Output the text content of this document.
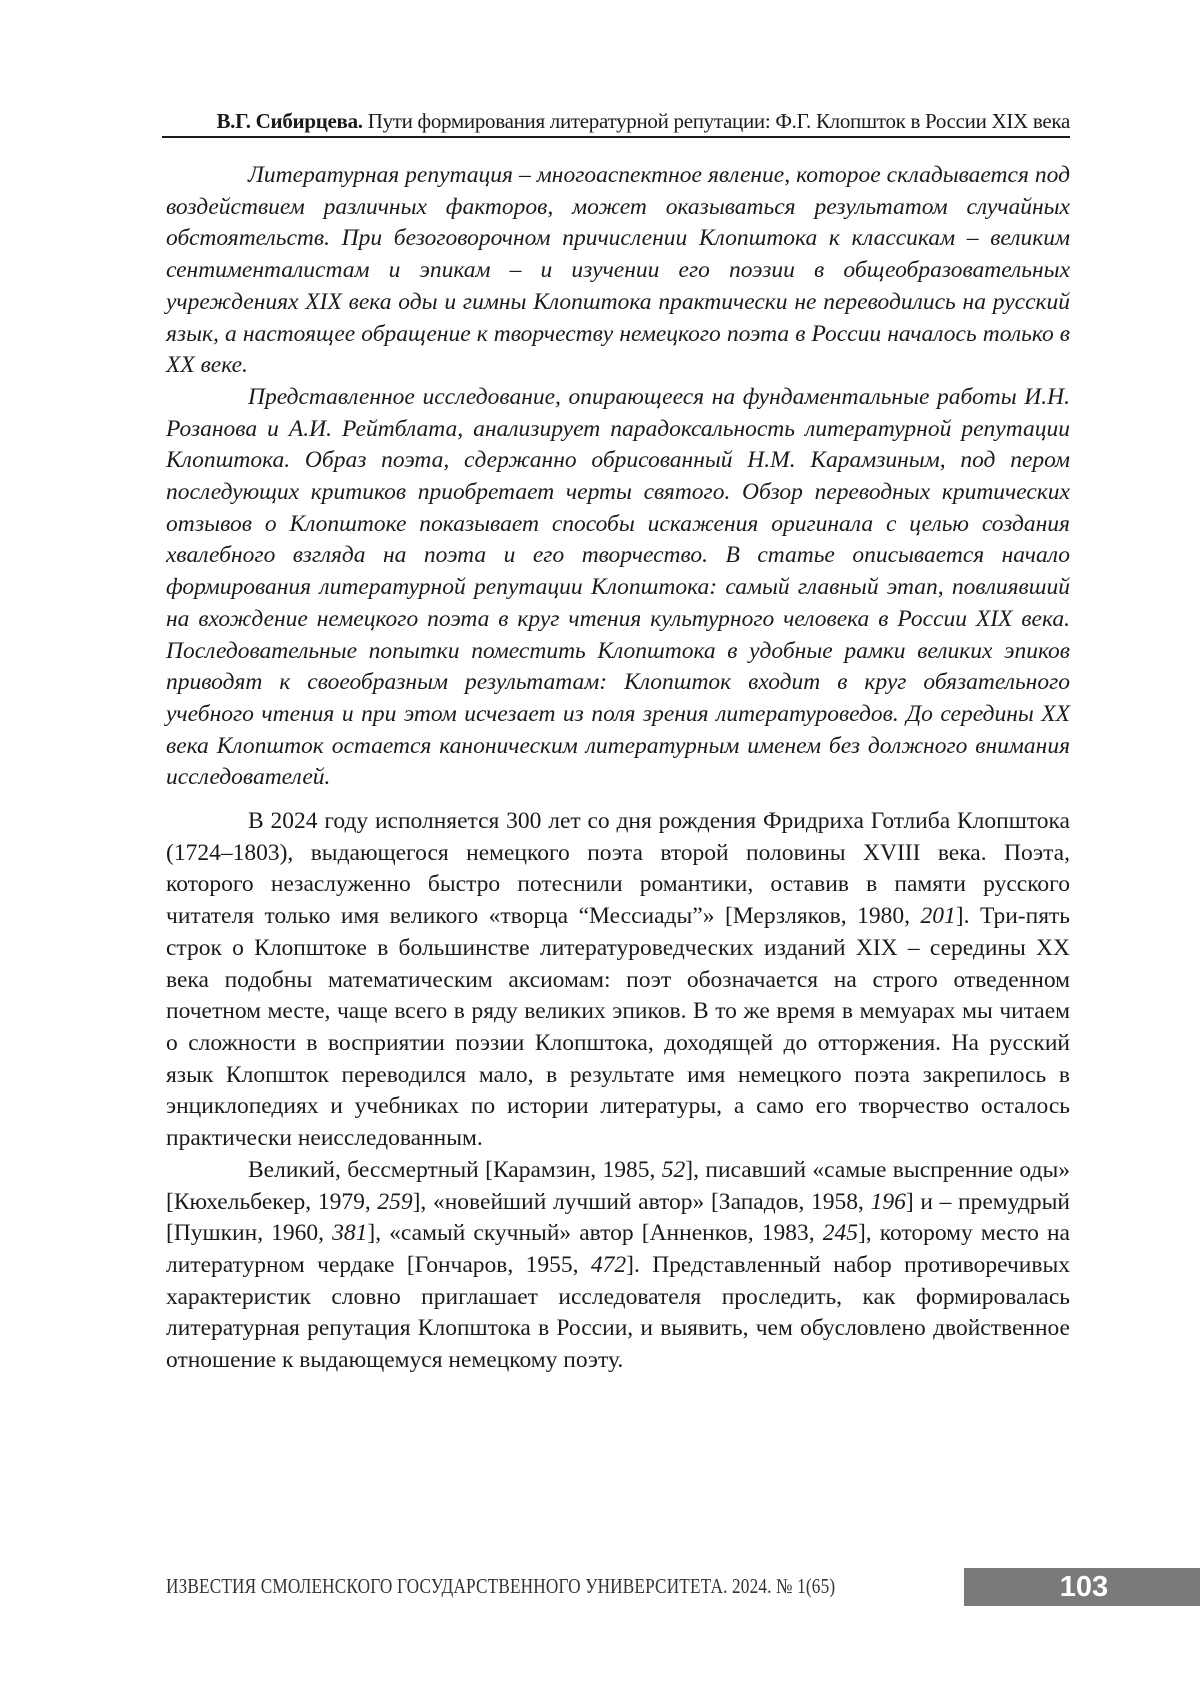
В.Г. Сибирцева. Пути формирования литературной репутации: Ф.Г. Клопшток в России XIX века

Литературная репутация – многоаспектное явление, которое складывается под воздействием различных факторов, может оказываться результатом случайных обстоятельств. При безоговорочном причислении Клопштока к классикам – великим сентименталистам и эпикам – и изучении его поэзии в общеобразовательных учреждениях XIX века оды и гимны Клопштока практически не переводились на русский язык, а настоящее обращение к творчеству немецкого поэта в России началось только в XX веке.

Представленное исследование, опирающееся на фундаментальные работы И.Н. Розанова и А.И. Рейтблата, анализирует парадоксальность литературной репутации Клопштока. Образ поэта, сдержанно обрисованный Н.М. Карамзиным, под пером последующих критиков приобретает черты святого. Обзор переводных критических отзывов о Клопштоке показывает способы искажения оригинала с целью создания хвалебного взгляда на поэта и его творчество. В статье описывается начало формирования литературной репутации Клопштока: самый главный этап, повлиявший на вхождение немецкого поэта в круг чтения культурного человека в России XIX века. Последовательные попытки поместить Клопштока в удобные рамки великих эпиков приводят к своеобразным результатам: Клопшток входит в круг обязательного учебного чтения и при этом исчезает из поля зрения литературоведов. До середины XX века Клопшток остается каноническим литературным именем без должного внимания исследователей.

В 2024 году исполняется 300 лет со дня рождения Фридриха Готлиба Клопштока (1724–1803), выдающегося немецкого поэта второй половины XVIII века. Поэта, которого незаслуженно быстро потеснили романтики, оставив в памяти русского читателя только имя великого «творца “Мессиады”» [Мерзляков, 1980, 201]. Три-пять строк о Клопштоке в большинстве литературоведческих изданий XIX – середины XX века подобны математическим аксиомам: поэт обозначается на строго отведенном почетном месте, чаще всего в ряду великих эпиков. В то же время в мемуарах мы читаем о сложности в восприятии поэзии Клопштока, доходящей до отторжения. На русский язык Клопшток переводился мало, в результате имя немецкого поэта закрепилось в энциклопедиях и учебниках по истории литературы, а само его творчество осталось практически неисследованным.

Великий, бессмертный [Карамзин, 1985, 52], писавший «самые выспренние оды» [Кюхельбекер, 1979, 259], «новейший лучший автор» [Западов, 1958, 196] и – премудрый [Пушкин, 1960, 381], «самый скучный» автор [Анненков, 1983, 245], которому место на литературном чердаке [Гончаров, 1955, 472]. Представленный набор противоречивых характеристик словно приглашает исследователя проследить, как формировалась литературная репутация Клопштока в России, и выявить, чем обусловлено двойственное отношение к выдающемуся немецкому поэту.

ИЗВЕСТИЯ СМОЛЕНСКОГО ГОСУДАРСТВЕННОГО УНИВЕРСИТЕТА. 2024. № 1(65)	103
